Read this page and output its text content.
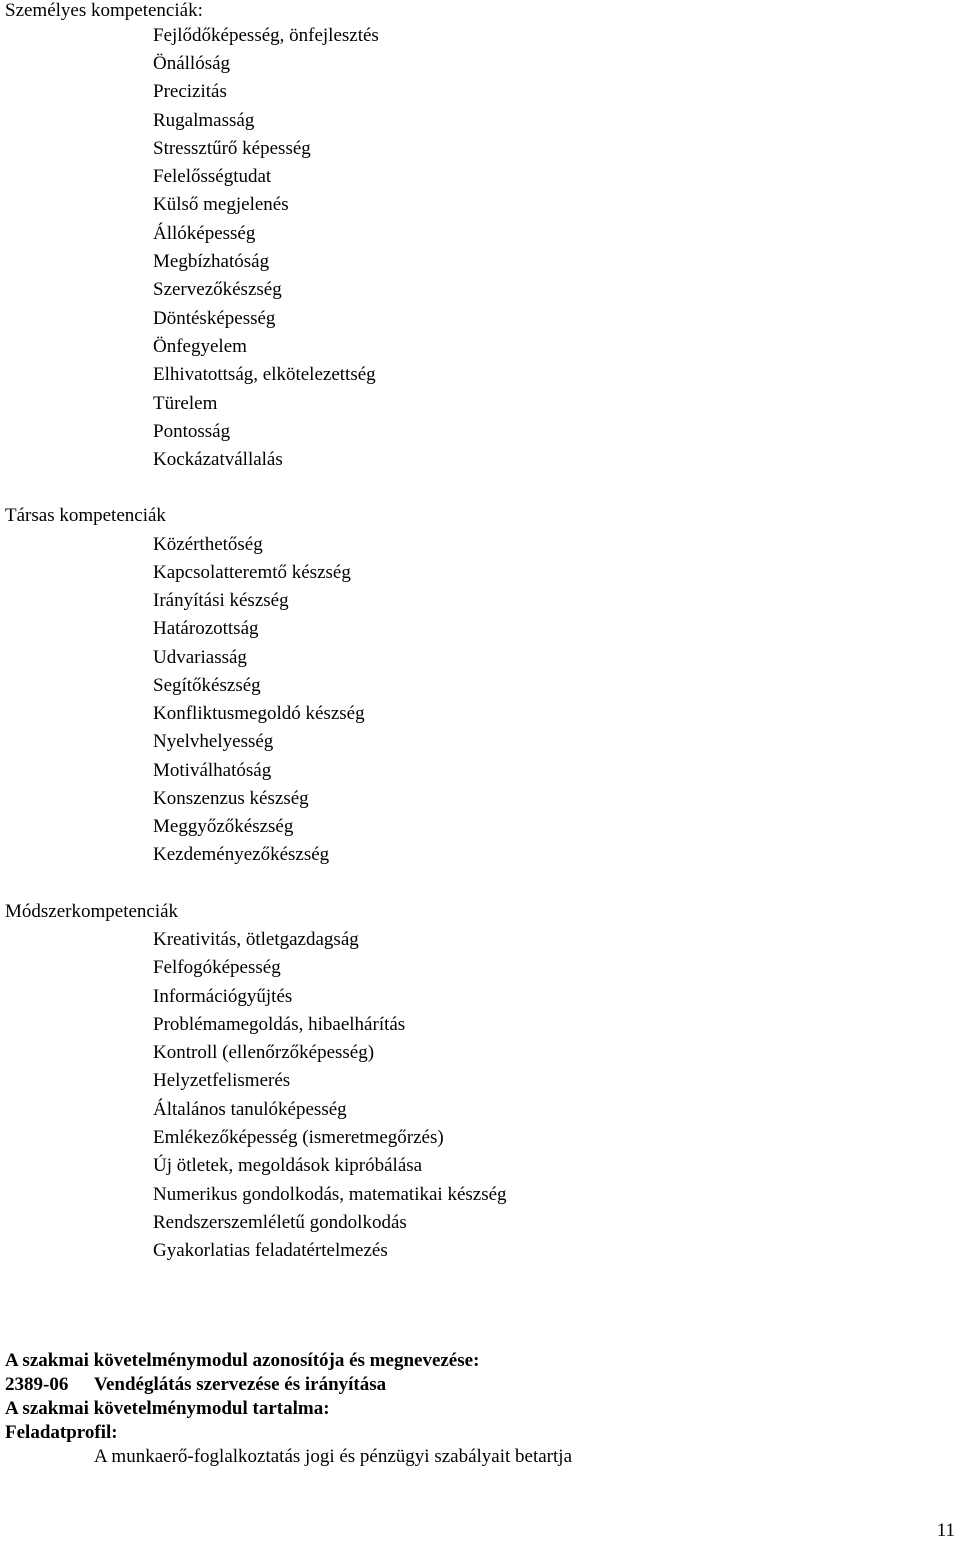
Személyes kompetenciák:
Fejlődőképesség, önfejlesztés
Önállóság
Precizitás
Rugalmasság
Stressztűrő képesség
Felelősségtudat
Külső megjelenés
Állóképesség
Megbízhatóság
Szervezőkészség
Döntésképesség
Önfegyelem
Elhivatottság, elkötelezettség
Türelem
Pontosság
Kockázatvállalás
Társas kompetenciák
Közérthetőség
Kapcsolatteremtő készség
Irányítási készség
Határozottság
Udvariasság
Segítőkészség
Konfliktusmegoldó készség
Nyelvhelyesség
Motiválhatóság
Konszenzus készség
Meggyőzőkészség
Kezdeményezőkészség
Módszerkompetenciák
Kreativitás, ötletgazdagság
Felfogóképesség
Információgyűjtés
Problémamegoldás, hibaelhárítás
Kontroll (ellenőrzőképesség)
Helyzetfelismerés
Általános tanulóképesség
Emlékezőképesség (ismeretmegőrzés)
Új ötletek, megoldások kipróbálása
Numerikus gondolkodás, matematikai készség
Rendszerszemléletű gondolkodás
Gyakorlatias feladatértelmezés
A szakmai követelménymodul azonosítója és megnevezése:
2389-06 Vendéglátás szervezése és irányítása
A szakmai követelménymodul tartalma:
Feladatprofil:
A munkaerő-foglalkoztatás jogi és pénzügyi szabályait betartja
11
